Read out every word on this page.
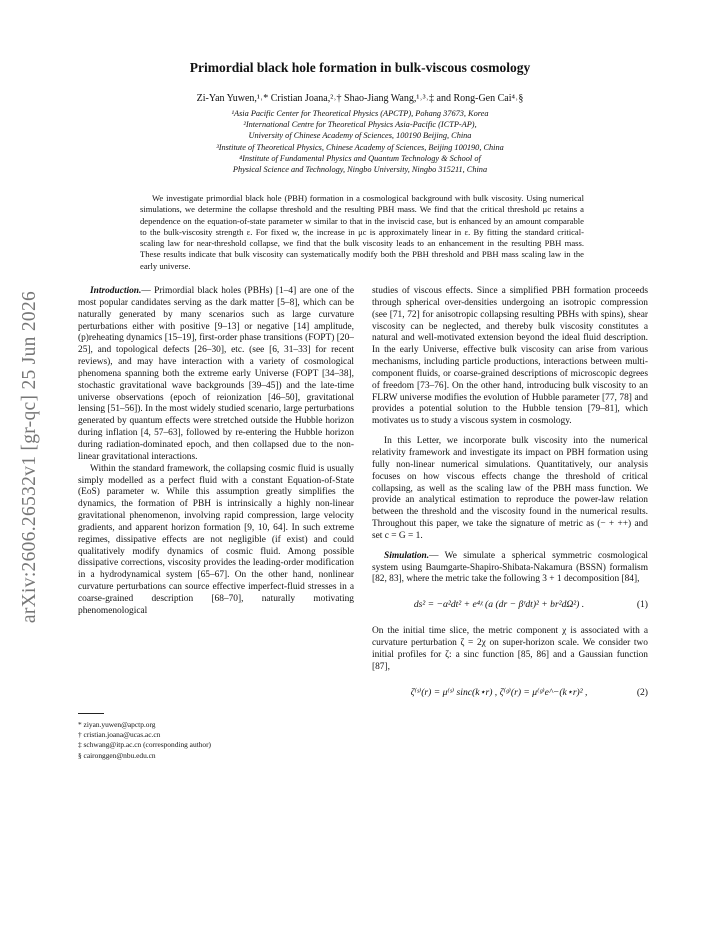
arXiv:2606.26532v1 [gr-qc] 25 Jun 2026
Primordial black hole formation in bulk-viscous cosmology
Zi-Yan Yuwen,¹˒* Cristian Joana,²˒† Shao-Jiang Wang,¹˒³˒‡ and Rong-Gen Cai⁴˒§
¹Asia Pacific Center for Theoretical Physics (APCTP), Pohang 37673, Korea
²International Centre for Theoretical Physics Asia-Pacific (ICTP-AP),
University of Chinese Academy of Sciences, 100190 Beijing, China
³Institute of Theoretical Physics, Chinese Academy of Sciences, Beijing 100190, China
⁴Institute of Fundamental Physics and Quantum Technology & School of
Physical Science and Technology, Ningbo University, Ningbo 315211, China
We investigate primordial black hole (PBH) formation in a cosmological background with bulk viscosity. Using numerical simulations, we determine the collapse threshold and the resulting PBH mass. We find that the critical threshold μc retains a dependence on the equation-of-state parameter w similar to that in the inviscid case, but is enhanced by an amount comparable to the bulk-viscosity strength ε. For fixed w, the increase in μc is approximately linear in ε. By fitting the standard critical-scaling law for near-threshold collapse, we find that the bulk viscosity leads to an enhancement in the resulting PBH mass. These results indicate that bulk viscosity can systematically modify both the PBH threshold and PBH mass scaling law in the early universe.

Introduction.— Primordial black holes (PBHs) [1–4] are one of the most popular candidates serving as the dark matter [5–8], which can be naturally generated by many scenarios such as large curvature perturbations either with positive [9–13] or negative [14] amplitude, (p)reheating dynamics [15–19], first-order phase transitions (FOPT) [20–25], and topological defects [26–30], etc. (see [6, 31–33] for recent reviews), and may have interaction with a variety of cosmological phenomena spanning both the extreme early Universe (FOPT [34–38], stochastic gravitational wave backgrounds [39–45]) and the late-time universe observations (epoch of reionization [46–50], gravitational lensing [51–56]). In the most widely studied scenario, large perturbations generated by quantum effects were stretched outside the Hubble horizon during inflation [4, 57–63], followed by re-entering the Hubble horizon during radiation-dominated epoch, and then collapsed due to the non-linear gravitational interactions.

Within the standard framework, the collapsing cosmic fluid is usually simply modelled as a perfect fluid with a constant Equation-of-State (EoS) parameter w. While this assumption greatly simplifies the dynamics, the formation of PBH is intrinsically a highly non-linear gravitational phenomenon, involving rapid compression, large velocity gradients, and apparent horizon formation [9, 10, 64]. In such extreme regimes, dissipative effects are not negligible (if exist) and could qualitatively modify dynamics of cosmic fluid. Among possible dissipative corrections, viscosity provides the leading-order modification in a hydrodynamical system [65–67]. On the other hand, nonlinear curvature perturbations can source effective imperfect-fluid stresses in a coarse-grained description [68–70], naturally motivating phenomenological

studies of viscous effects. Since a simplified PBH formation proceeds through spherical over-densities undergoing an isotropic compression (see [71, 72] for anisotropic collapsing resulting PBHs with spins), shear viscosity can be neglected, and thereby bulk viscosity constitutes a natural and well-motivated extension beyond the ideal fluid description. In the early Universe, effective bulk viscosity can arise from various mechanisms, including particle productions, interactions between multi-component fluids, or coarse-grained descriptions of microscopic degrees of freedom [73–76]. On the other hand, introducing bulk viscosity to an FLRW universe modifies the evolution of Hubble parameter [77, 78] and provides a potential solution to the Hubble tension [79–81], which motivates us to study a viscous system in cosmology.

In this Letter, we incorporate bulk viscosity into the numerical relativity framework and investigate its impact on PBH formation using fully non-linear numerical simulations. Quantitatively, our analysis focuses on how viscous effects change the threshold of critical collapsing, as well as the scaling law of the PBH mass function. We provide an analytical estimation to reproduce the power-law relation between the threshold and the viscosity found in the numerical results. Throughout this paper, we take the signature of metric as (− + ++) and set c = G = 1.

Simulation.— We simulate a spherical symmetric cosmological system using Baumgarte-Shapiro-Shibata-Nakamura (BSSN) formalism [82, 83], where the metric take the following 3 + 1 decomposition [84],

ds² = −α²dt² + e⁴ᵡ (a (dr − βʳdt)² + br²dΩ²) .	(1)

On the initial time slice, the metric component χ is associated with a curvature perturbation ζ = 2χ on super-horizon scale. We consider two initial profiles for ζ: a sinc function [85, 86] and a Gaussian function [87],

ζ⁽ˢ⁾(r) = μ⁽ˢ⁾ sinc(k⋆r) , ζ⁽ᵍ⁾(r) = μ⁽ᵍ⁾e^−(k⋆r)² ,	(2)
* ziyan.yuwen@apctp.org
† cristian.joana@ucas.ac.cn
‡ schwang@itp.ac.cn (corresponding author)
§ caironggen@nbu.edu.cn
